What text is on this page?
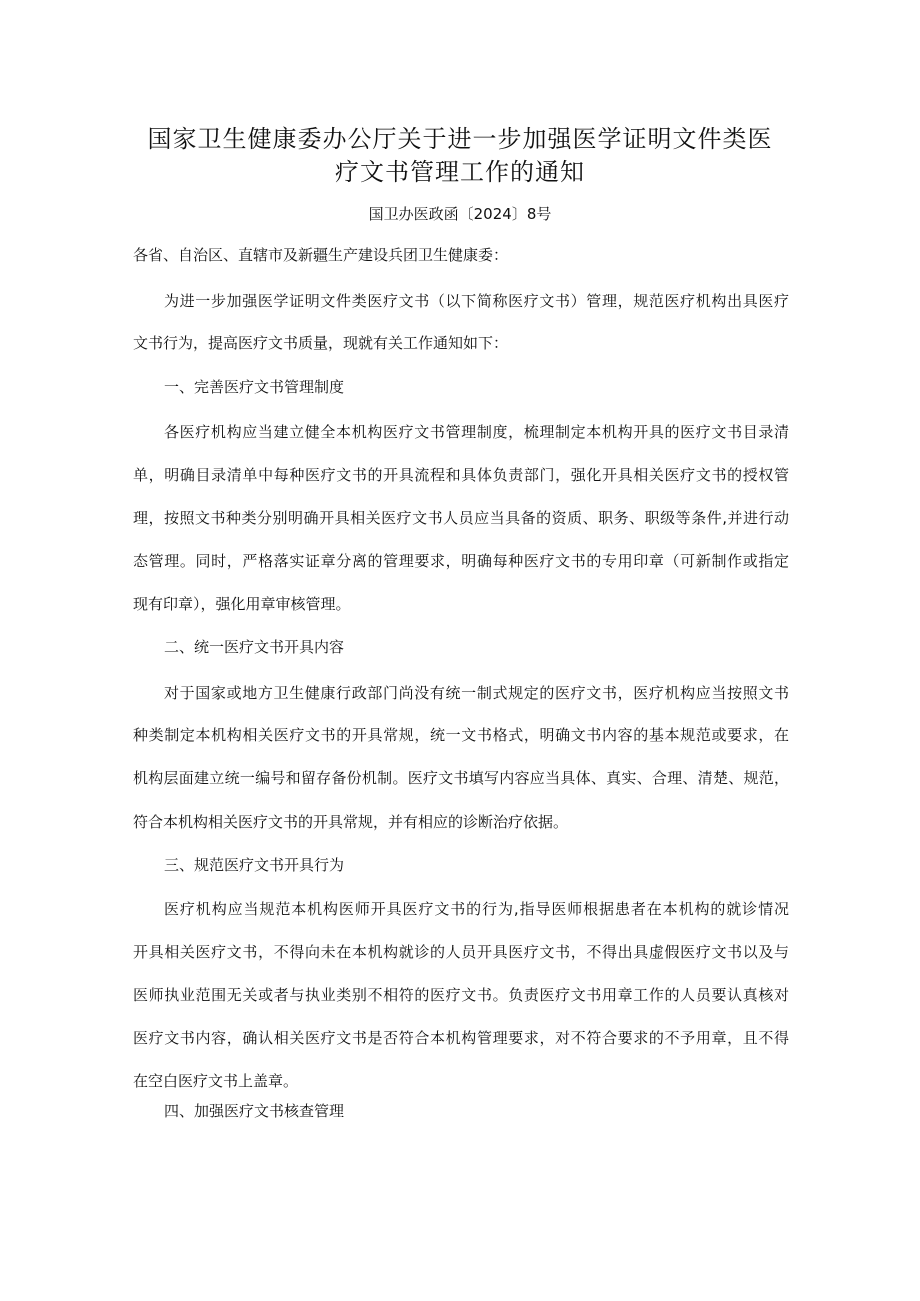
国家卫生健康委办公厅关于进一步加强医学证明文件类医
疗文书管理工作的通知
国卫办医政函〔2024〕8号
各省、自治区、直辖市及新疆生产建设兵团卫生健康委：
为进一步加强医学证明文件类医疗文书（以下简称医疗文书）管理，规范医疗机构出具医疗
文书行为，提高医疗文书质量，现就有关工作通知如下：
一、完善医疗文书管理制度
各医疗机构应当建立健全本机构医疗文书管理制度，梳理制定本机构开具的医疗文书目录清
单，明确目录清单中每种医疗文书的开具流程和具体负责部门，强化开具相关医疗文书的授权管
理，按照文书种类分别明确开具相关医疗文书人员应当具备的资质、职务、职级等条件,并进行动
态管理。同时，严格落实证章分离的管理要求，明确每种医疗文书的专用印章（可新制作或指定
现有印章），强化用章审核管理。
二、统一医疗文书开具内容
对于国家或地方卫生健康行政部门尚没有统一制式规定的医疗文书，医疗机构应当按照文书
种类制定本机构相关医疗文书的开具常规，统一文书格式，明确文书内容的基本规范或要求，在
机构层面建立统一编号和留存备份机制。医疗文书填写内容应当具体、真实、合理、清楚、规范，
符合本机构相关医疗文书的开具常规，并有相应的诊断治疗依据。
三、规范医疗文书开具行为
医疗机构应当规范本机构医师开具医疗文书的行为,指导医师根据患者在本机构的就诊情况
开具相关医疗文书，不得向未在本机构就诊的人员开具医疗文书，不得出具虚假医疗文书以及与
医师执业范围无关或者与执业类别不相符的医疗文书。负责医疗文书用章工作的人员要认真核对
医疗文书内容，确认相关医疗文书是否符合本机构管理要求，对不符合要求的不予用章，且不得
在空白医疗文书上盖章。
四、加强医疗文书核查管理
